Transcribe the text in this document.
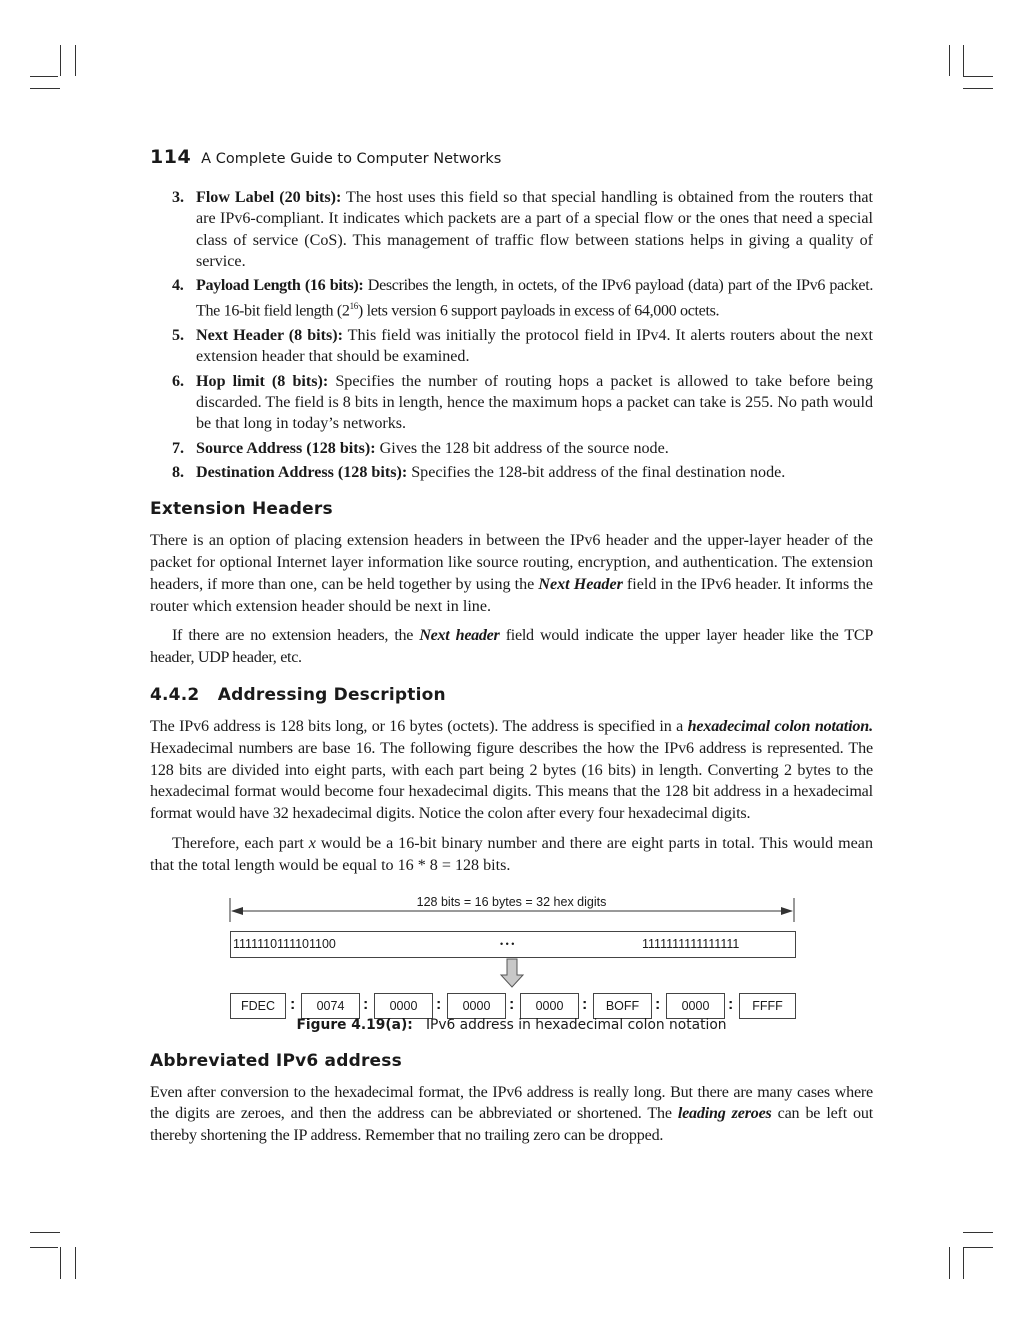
114 A Complete Guide to Computer Networks
3. Flow Label (20 bits): The host uses this field so that special handling is obtained from the routers that are IPv6-compliant. It indicates which packets are a part of a special flow or the ones that need a special class of service (CoS). This management of traffic flow between stations helps in giving a quality of service.
4. Payload Length (16 bits): Describes the length, in octets, of the IPv6 payload (data) part of the IPv6 packet. The 16-bit field length $(2^{16})$ lets version 6 support payloads in excess of 64,000 octets.
5. Next Header (8 bits): This field was initially the protocol field in IPv4. It alerts routers about the next extension header that should be examined.
6. Hop limit (8 bits): Specifies the number of routing hops a packet is allowed to take before being discarded. The field is 8 bits in length, hence the maximum hops a packet can take is 255. No path would be that long in today’s networks.
7. Source Address (128 bits): Gives the 128 bit address of the source node.
8. Destination Address (128 bits): Specifies the 128-bit address of the final destination node.
Extension Headers

There is an option of placing extension headers in between the IPv6 header and the upper-layer header of the packet for optional Internet layer information like source routing, encryption, and authentication. The extension headers, if more than one, can be held together by using the Next Header field in the IPv6 header. It informs the router which extension header should be next in line.

If there are no extension headers, the Next header field would indicate the upper layer header like the TCP header, UDP header, etc.

4.4.2 Addressing Description

The IPv6 address is 128 bits long, or 16 bytes (octets). The address is specified in a hexadecimal colon notation. Hexadecimal numbers are base 16. The following figure describes the how the IPv6 address is represented. The 128 bits are divided into eight parts, with each part being 2 bytes (16 bits) in length. Converting 2 bytes to the hexadecimal format would become four hexadecimal digits. This means that the 128 bit address in a hexadecimal format would have 32 hexadecimal digits. Notice the colon after every four hexadecimal digits.

Therefore, each part x would be a 16-bit binary number and there are eight parts in total. This would mean that the total length would be equal to 16 * 8 = 128 bits.

128 bits = 16 bytes = 32 hex digits
1111110111101100	• • •	1111111111111111
FDEC :	0074	:	0000	:	0000	:	0000	:	BOFF :	0000	:	FFFF
Figure 4.19(a): IPv6 address in hexadecimal colon notation
Abbreviated IPv6 address

Even after conversion to the hexadecimal format, the IPv6 address is really long. But there are many cases where the digits are zeroes, and then the address can be abbreviated or shortened. The leading zeroes can be left out thereby shortening the IP address. Remember that no trailing zero can be dropped.
